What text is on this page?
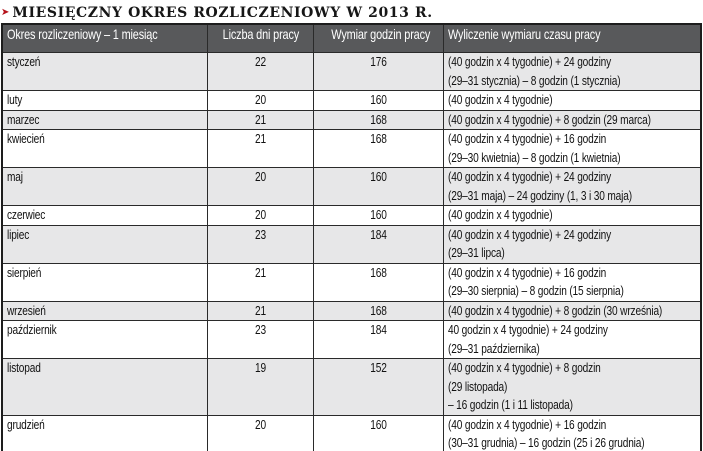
➤ MIESIĘCZNY OKRES ROZLICZENIOWY W 2013 R.
Okres rozliczeniowy – 1 miesiąc	Liczba dni pracy	Wymiar godzin pracy	Wyliczenie wymiaru czasu pracy

styczeń	22	176	(40 godzin x 4 tygodnie) + 24 godziny
(29–31 stycznia) – 8 godzin (1 stycznia)

luty	20	160	(40 godzin x 4 tygodnie)

marzec	21	168	(40 godzin x 4 tygodnie) + 8 godzin (29 marca)

kwiecień	21	168	(40 godzin x 4 tygodnie) + 16 godzin
(29–30 kwietnia) – 8 godzin (1 kwietnia)

maj	20	160	(40 godzin x 4 tygodnie) + 24 godziny
(29–31 maja) – 24 godziny (1, 3 i 30 maja)

czerwiec	20	160	(40 godzin x 4 tygodnie)

lipiec	23	184	(40 godzin x 4 tygodnie) + 24 godziny
(29–31 lipca)

sierpień	21	168	(40 godzin x 4 tygodnie) + 16 godzin
(29–30 sierpnia) – 8 godzin (15 sierpnia)

wrzesień	21	168	(40 godzin x 4 tygodnie) + 8 godzin (30 września)

październik	23	184	40 godzin x 4 tygodnie) + 24 godziny
(29–31 października)

listopad	19	152	(40 godzin x 4 tygodnie) + 8 godzin
(29 listopada)
– 16 godzin (1 i 11 listopada)

grudzień	20	160	(40 godzin x 4 tygodnie) + 16 godzin
(30–31 grudnia) – 16 godzin (25 i 26 grudnia)
